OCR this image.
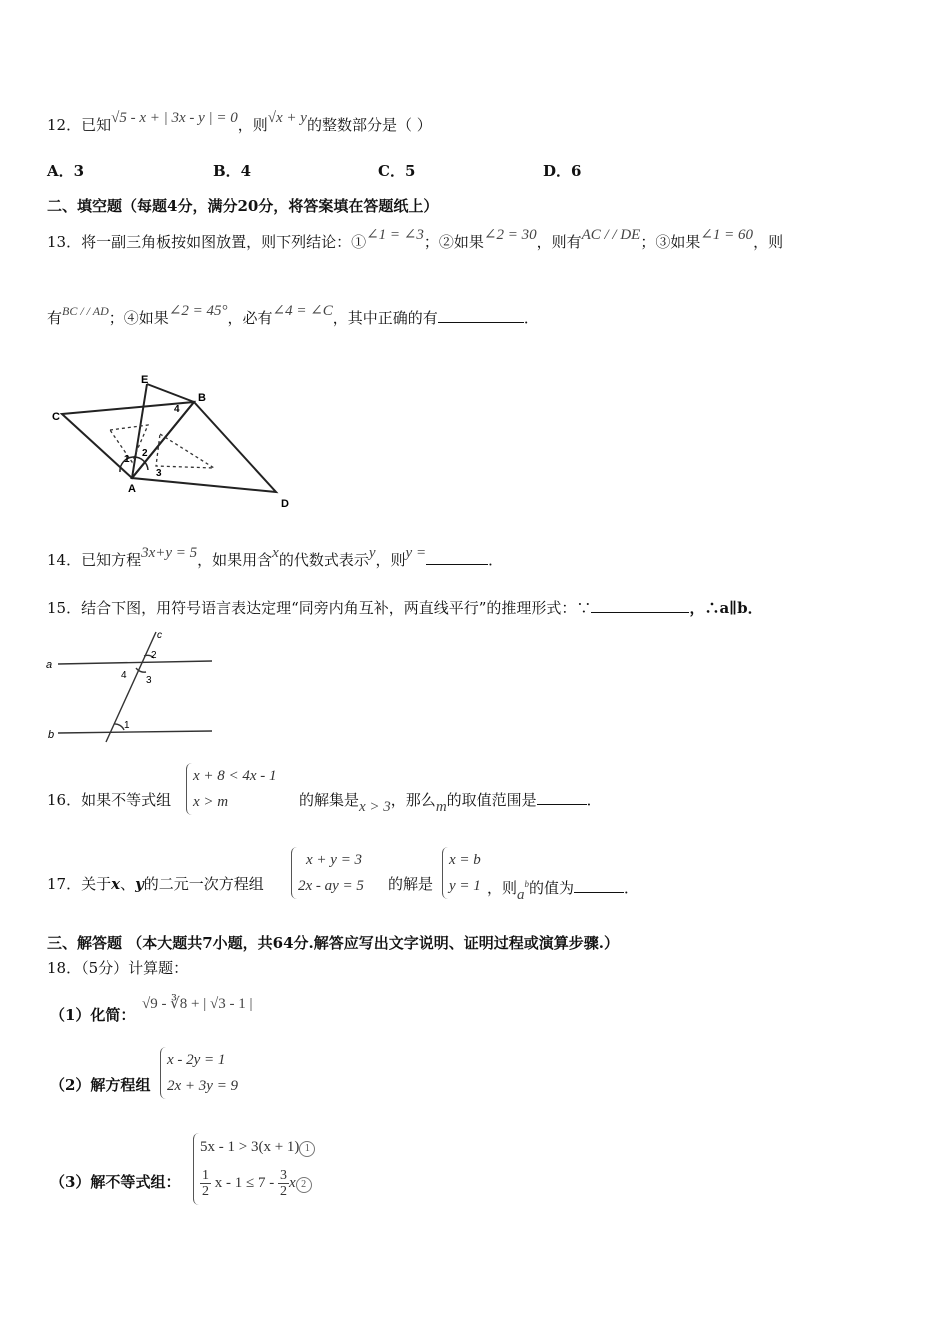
12．已知√5 - x + | 3x - y | = 0，则√x + y的整数部分是（ ）
A．3	B．4	C．5	D．6
二、填空题（每题4分，满分20分，将答案填在答题纸上）
13．将一副三角板按如图放置，则下列结论：①∠1 = ∠3；②如果∠2 = 30，则有AC / / DE；③如果∠1 = 60，则
有$^{BC / / AD}$；④如果∠2 = 45°，必有∠4 = ∠C，其中正确的有	．
E
B
C
A
D
1
2
3
4
14．已知方程3x+y = 5，如果用含x的代数式表示y，则y =	．
15．结合下图，用符号语言表达定理“同旁内角互补，两直线平行”的推理形式：∵	，∴a∥b．
a
b
c
1
2
3
4
16．如果不等式组
x + 8 < 4x - 1
x > m	的解集是x > 3，那么m的取值范围是	．
17．关于x、y的二元一次方程组
x + y = 3
2x - ay = 5 的解是
x = b
y = 1 ，则$a^b$的值为	．
三、解答题 （本大题共7小题，共64分.解答应写出文字说明、证明过程或演算步骤.）
18．（5分）计算题：
（1）化简：
√9 - ∛8 + | √3 - 1 |
（2）解方程组
x - 2y = 1
2x + 3y = 9
（3）解不等式组：
5x - 1 > 3(x + 1) 1
$\frac{1}{2}$ $x - 1 \le 7 - \frac{3}{2}$ x 2
